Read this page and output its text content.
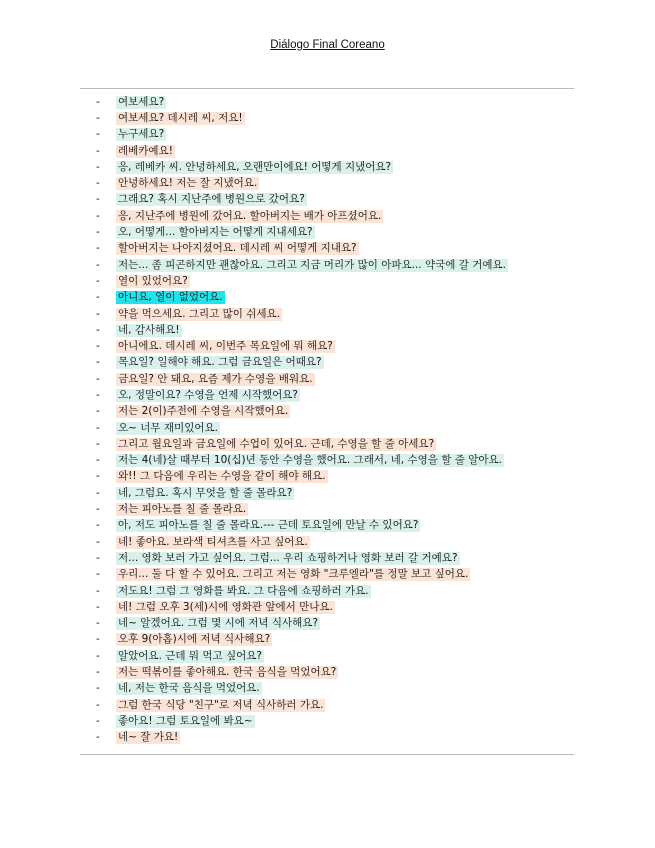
Diálogo Final Coreano
-	여보세요?
-	여보세요? 데시레 씨, 저요!
-	누구세요?
-	레베카예요!
-	응, 레베카 씨. 안녕하세요, 오랜만이에요! 어떻게 지냈어요?
-	안녕하세요! 저는 잘 지냈어요.
-	그래요? 혹시 지난주에 병원으로 갔어요?
-	응, 지난주에 병원에 갔어요. 할아버지는 배가 아프셨어요.
-	오, 어떻게... 할아버지는 어떻게 지내세요?
-	할아버지는 나아지셨어요. 데시레 씨 어떻게 지내요?
-	저는... 좀 피곤하지만 괜찮아요. 그리고 지금 머리가 많이 아파요... 약국에 갈 거예요.
-	열이 있었어요?
-	아니요, 열이 없었어요.
-	약을 먹으세요. 그리고 많이 쉬세요.
-	네, 감사해요!
-	아니에요. 데시레 씨, 이번주 목요일에 뭐 해요?
-	목요일? 일해야 해요. 그럼 금요일은 어때요?
-	금요일? 안 돼요, 요즘 제가 수영을 배워요.
-	오, 정말이요? 수영을 언제 시작했어요?
-	저는 2(이)주전에 수영을 시작했어요.
-	오~ 너무 재미있어요.
-	그리고 월요일과 금요일에 수업이 있어요. 근데, 수영을 할 줄 아세요?
-	저는 4(네)살 때부터 10(십)년 동안 수영을 했어요. 그래서, 네, 수영을 할 줄 알아요.
-	와!! 그 다음에 우리는 수영을 같이 해야 해요.
-	네, 그럼요. 혹시 무엇을 할 줄 몰라요?
-	저는 피아노를 칠 줄 몰라요.
-	아, 저도 피아노를 칠 줄 몰라요.--- 근데 토요일에 만날 수 있어요?
-	네! 좋아요. 보라색 티셔츠를 사고 싶어요.
-	저... 영화 보러 가고 싶어요. 그럼... 우리 쇼핑하거나 영화 보러 갈 거예요?
-	우리... 둘 다 할 수 있어요. 그리고 저는 영화 "크루엘라"를 정말 보고 싶어요.
-	저도요! 그럼 그 영화를 봐요. 그 다음에 쇼핑하러 가요.
-	네! 그럼 오후 3(세)시에 영화관 앞에서 만나요.
-	네~ 알겠어요. 그럼 몇 시에 저녁 식사해요?
-	오후 9(아홉)시에 저녁 식사해요?
-	알았어요. 근데 뭐 먹고 싶어요?
-	저는 떡볶이를 좋아해요. 한국 음식을 먹었어요?
-	네, 저는 한국 음식을 먹었어요.
-	그럼 한국 식당 "친구"로 저녁 식사하러 가요.
-	좋아요! 그럼 토요일에 봐요~
-	네~ 잘 가요!
